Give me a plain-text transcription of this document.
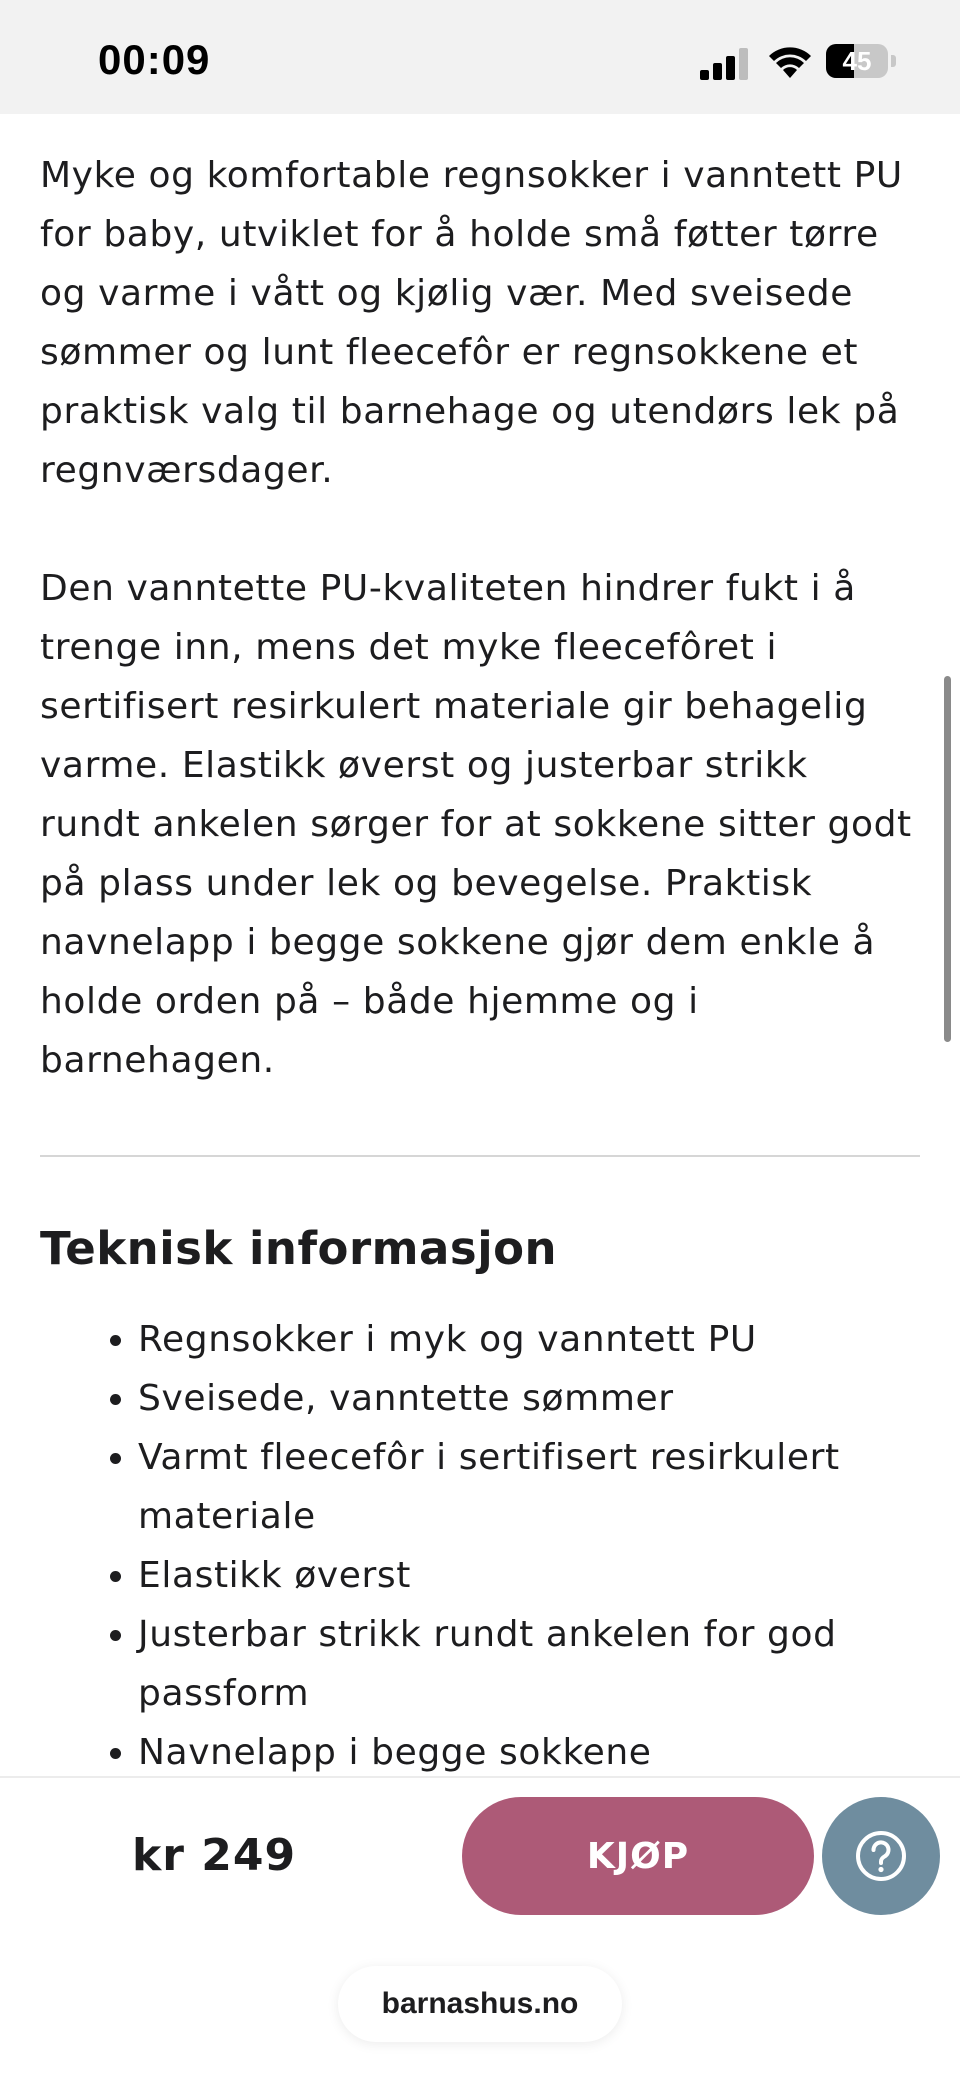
00:09	45

Myke og komfortable regnsokker i vanntett PU for baby, utviklet for å holde små føtter tørre og varme i vått og kjølig vær. Med sveisede sømmer og lunt fleecefôr er regnsokkene et praktisk valg til barnehage og utendørs lek på regnværsdager.

Den vanntette PU-kvaliteten hindrer fukt i å trenge inn, mens det myke fleecefôret i sertifisert resirkulert materiale gir behagelig varme. Elastikk øverst og justerbar strikk rundt ankelen sørger for at sokkene sitter godt på plass under lek og bevegelse. Praktisk navnelapp i begge sokkene gjør dem enkle å holde orden på – både hjemme og i barnehagen.

Teknisk informasjon
• Regnsokker i myk og vanntett PU
• Sveisede, vanntette sømmer
• Varmt fleecefôr i sertifisert resirkulert materiale
• Elastikk øverst
• Justerbar strikk rundt ankelen for god passform
• Navnelapp i begge sokkene
kr 249	KJØP
barnashus.no
